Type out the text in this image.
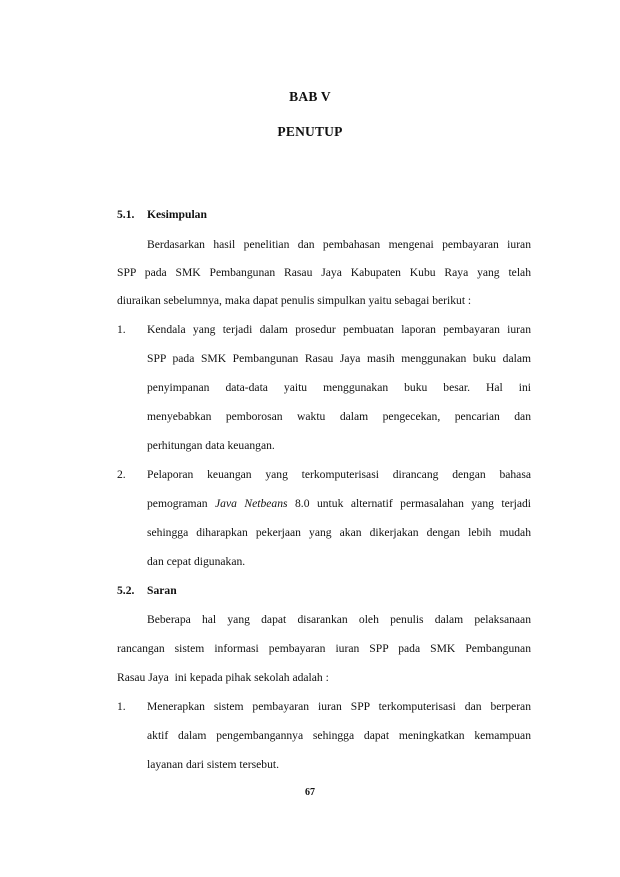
BAB V
PENUTUP
5.1. Kesimpulan
Berdasarkan hasil penelitian dan pembahasan mengenai pembayaran iuran
SPP pada SMK Pembangunan Rasau Jaya Kabupaten Kubu Raya yang telah
diuraikan sebelumnya, maka dapat penulis simpulkan yaitu sebagai berikut :
1. Kendala yang terjadi dalam prosedur pembuatan laporan pembayaran iuran
SPP pada SMK Pembangunan Rasau Jaya masih menggunakan buku dalam
penyimpanan data-data yaitu menggunakan buku besar. Hal ini
menyebabkan pemborosan waktu dalam pengecekan, pencarian dan
perhitungan data keuangan.
2. Pelaporan keuangan yang terkomputerisasi dirancang dengan bahasa
pemograman Java Netbeans 8.0 untuk alternatif permasalahan yang terjadi
sehingga diharapkan pekerjaan yang akan dikerjakan dengan lebih mudah
dan cepat digunakan.
5.2. Saran
Beberapa hal yang dapat disarankan oleh penulis dalam pelaksanaan
rancangan sistem informasi pembayaran iuran SPP pada SMK Pembangunan
Rasau Jaya  ini kepada pihak sekolah adalah :
1. Menerapkan sistem pembayaran iuran SPP terkomputerisasi dan berperan
aktif dalam pengembangannya sehingga dapat meningkatkan kemampuan
layanan dari sistem tersebut.
67
